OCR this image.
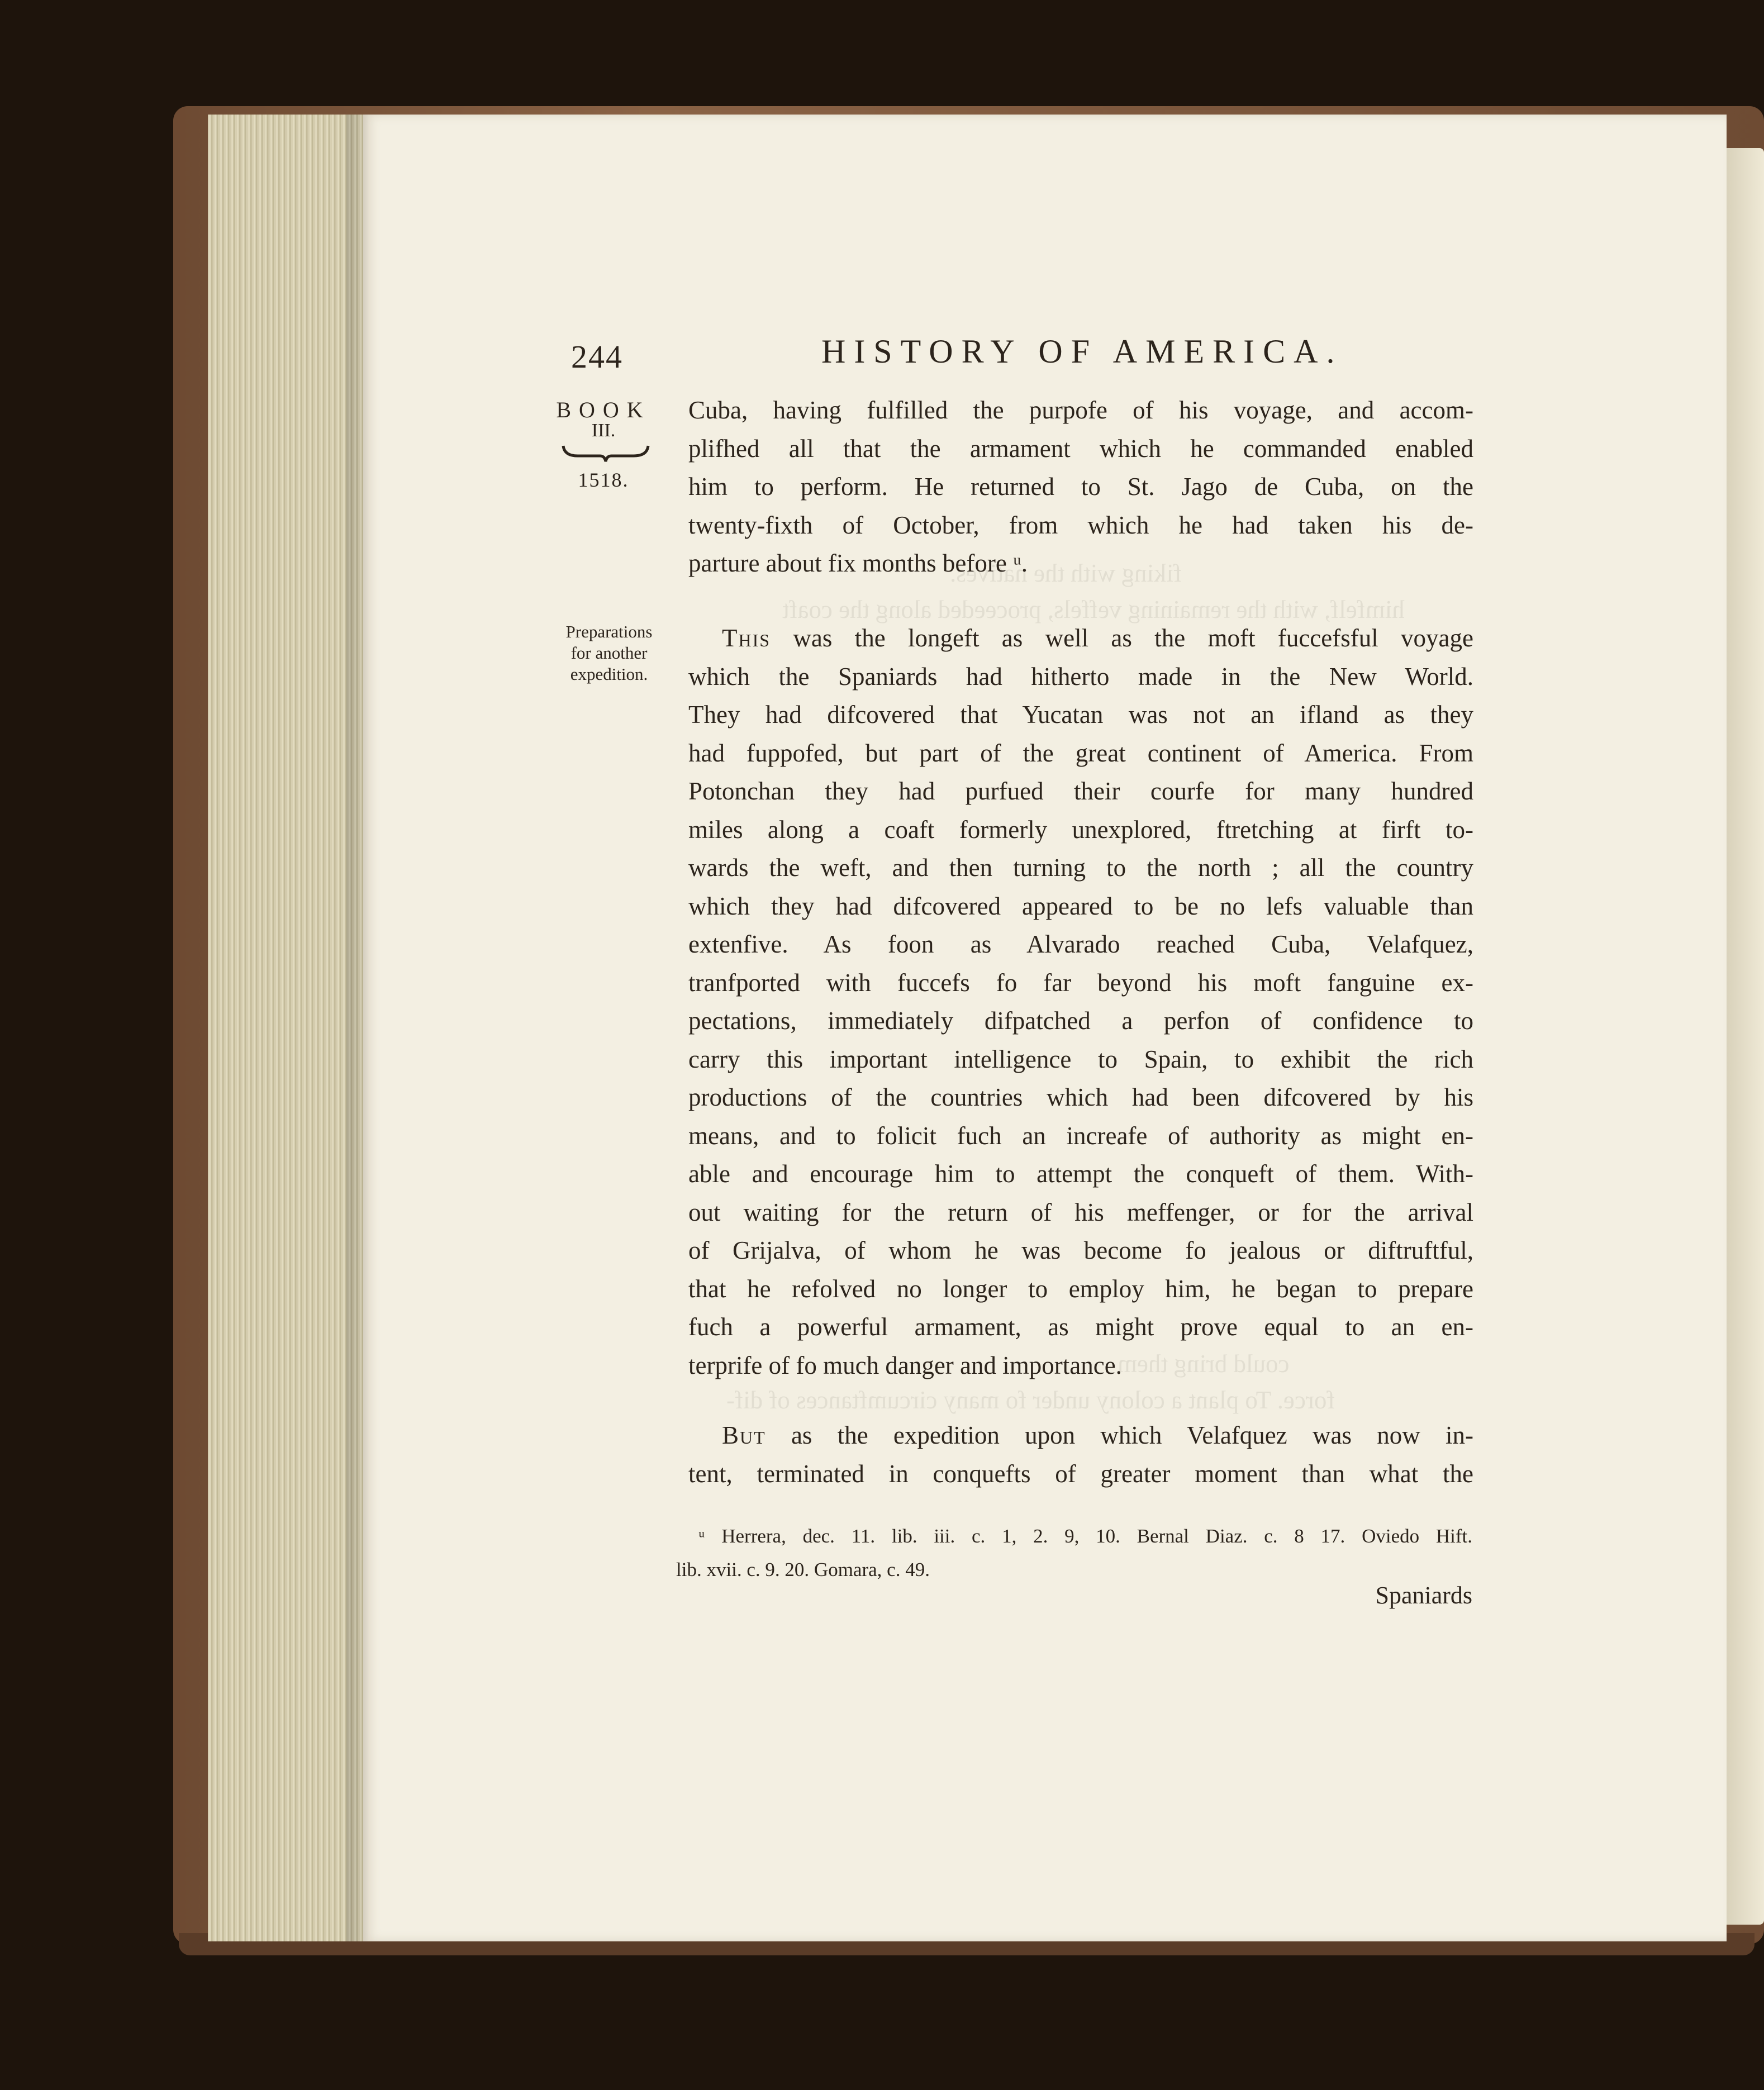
fiking with the natives.
himfelf, with the remaining veffels, proceeded along the coaft
could bring them
force. To plant a colony under fo many circumftances of dif-
244	HISTORY OF AMERICA.
BOOK
III.
1518.
Preparations
for another
expedition.
Cuba, having fulfilled the purpofe of his voyage, and accom-
plifhed all that the armament which he commanded enabled
him to perform. He returned to St. Jago de Cuba, on the
twenty-fixth of October, from which he had taken his de-
parture about fix months before ᵘ.
This was the longeft as well as the moft fuccefsful voyage
which the Spaniards had hitherto made in the New World.
They had difcovered that Yucatan was not an ifland as they
had fuppofed, but part of the great continent of America. From
Potonchan they had purfued their courfe for many hundred
miles along a coaft formerly unexplored, ftretching at firft to-
wards the weft, and then turning to the north ; all the country
which they had difcovered appeared to be no lefs valuable than
extenfive. As foon as Alvarado reached Cuba, Velafquez,
tranfported with fuccefs fo far beyond his moft fanguine ex-
pectations, immediately difpatched a perfon of confidence to
carry this important intelligence to Spain, to exhibit the rich
productions of the countries which had been difcovered by his
means, and to folicit fuch an increafe of authority as might en-
able and encourage him to attempt the conqueft of them. With-
out waiting for the return of his meffenger, or for the arrival
of Grijalva, of whom he was become fo jealous or diftruftful,
that he refolved no longer to employ him, he began to prepare
fuch a powerful armament, as might prove equal to an en-
terprife of fo much danger and importance.
But as the expedition upon which Velafquez was now in-
tent, terminated in conquefts of greater moment than what the
ᵘ Herrera, dec. 11. lib. iii. c. 1, 2. 9, 10. Bernal Diaz. c. 8 17. Oviedo Hift.
lib. xvii. c. 9. 20. Gomara, c. 49.
Spaniards
